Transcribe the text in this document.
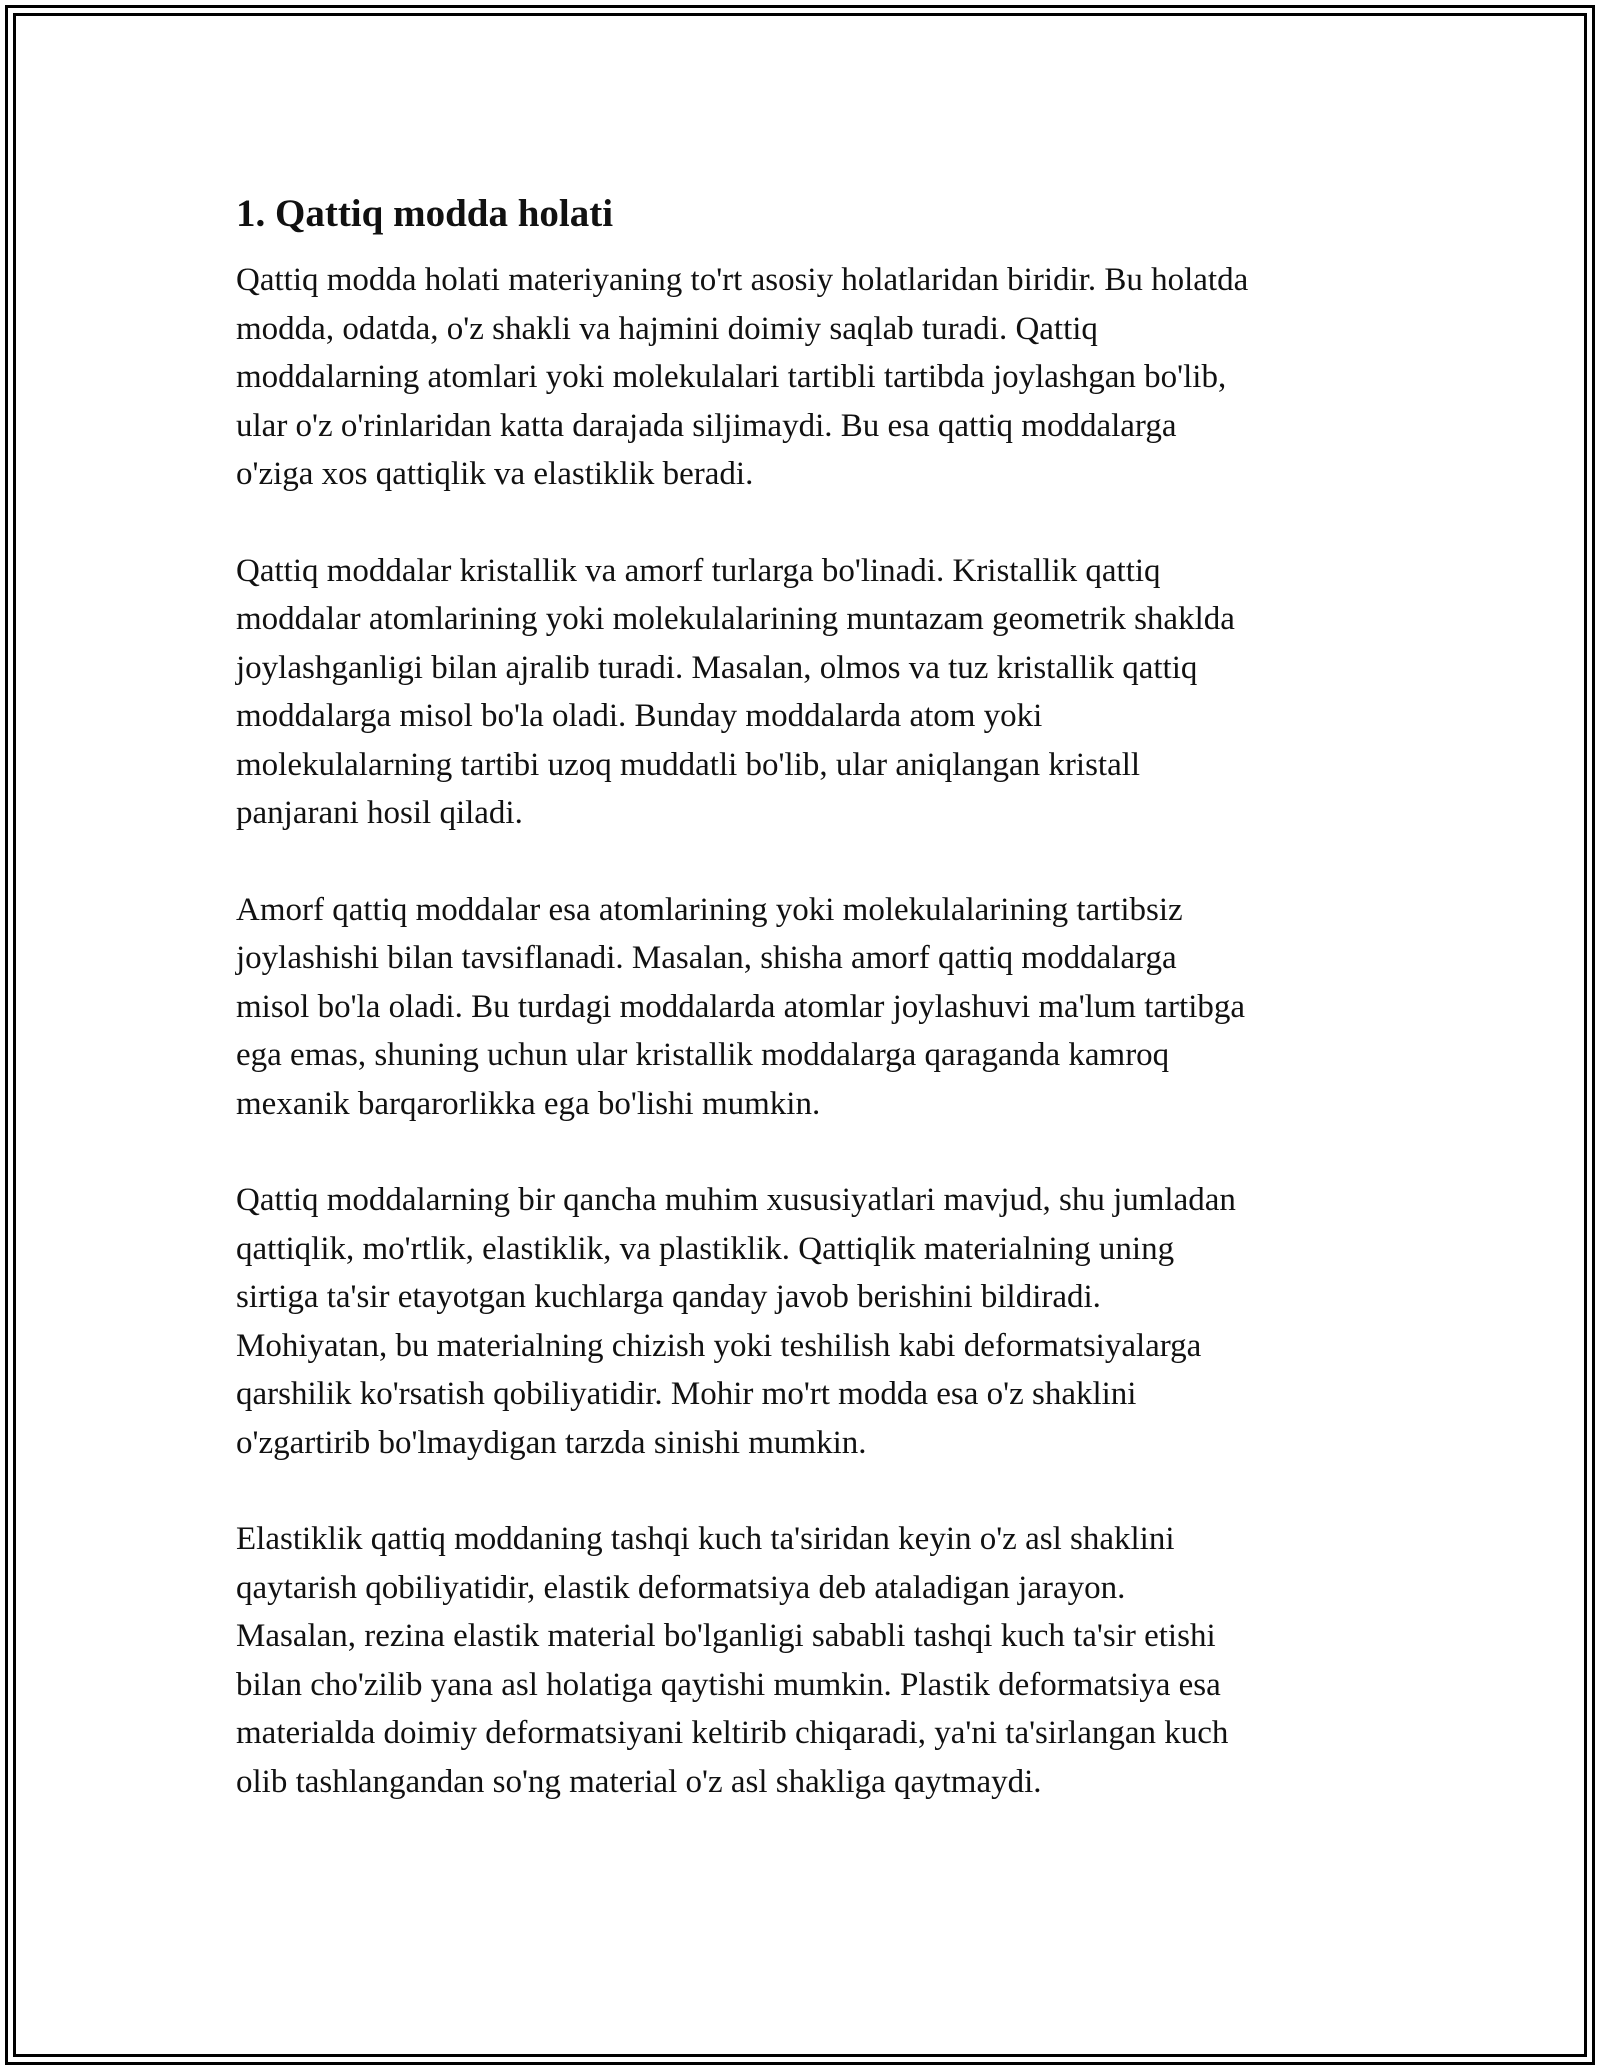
1. Qattiq modda holati

Qattiq modda holati materiyaning to'rt asosiy holatlaridan biridir. Bu holatda
modda, odatda, o'z shakli va hajmini doimiy saqlab turadi. Qattiq
moddalarning atomlari yoki molekulalari tartibli tartibda joylashgan bo'lib,
ular o'z o'rinlaridan katta darajada siljimaydi. Bu esa qattiq moddalarga
o'ziga xos qattiqlik va elastiklik beradi.

Qattiq moddalar kristallik va amorf turlarga bo'linadi. Kristallik qattiq
moddalar atomlarining yoki molekulalarining muntazam geometrik shaklda
joylashganligi bilan ajralib turadi. Masalan, olmos va tuz kristallik qattiq
moddalarga misol bo'la oladi. Bunday moddalarda atom yoki
molekulalarning tartibi uzoq muddatli bo'lib, ular aniqlangan kristall
panjarani hosil qiladi.

Amorf qattiq moddalar esa atomlarining yoki molekulalarining tartibsiz
joylashishi bilan tavsiflanadi. Masalan, shisha amorf qattiq moddalarga
misol bo'la oladi. Bu turdagi moddalarda atomlar joylashuvi ma'lum tartibga
ega emas, shuning uchun ular kristallik moddalarga qaraganda kamroq
mexanik barqarorlikka ega bo'lishi mumkin.

Qattiq moddalarning bir qancha muhim xususiyatlari mavjud, shu jumladan
qattiqlik, mo'rtlik, elastiklik, va plastiklik. Qattiqlik materialning uning
sirtiga ta'sir etayotgan kuchlarga qanday javob berishini bildiradi.
Mohiyatan, bu materialning chizish yoki teshilish kabi deformatsiyalarga
qarshilik ko'rsatish qobiliyatidir. Mohir mo'rt modda esa o'z shaklini
o'zgartirib bo'lmaydigan tarzda sinishi mumkin.

Elastiklik qattiq moddaning tashqi kuch ta'siridan keyin o'z asl shaklini
qaytarish qobiliyatidir, elastik deformatsiya deb ataladigan jarayon.
Masalan, rezina elastik material bo'lganligi sababli tashqi kuch ta'sir etishi
bilan cho'zilib yana asl holatiga qaytishi mumkin. Plastik deformatsiya esa
materialda doimiy deformatsiyani keltirib chiqaradi, ya'ni ta'sirlangan kuch
olib tashlangandan so'ng material o'z asl shakliga qaytmaydi.
